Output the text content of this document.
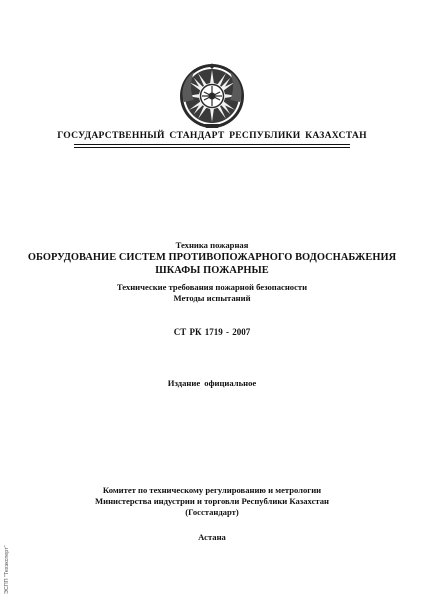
ГОСУДАРСТВЕННЫЙ СТАНДАРТ РЕСПУБЛИКИ КАЗАХСТАН
Техника пожарная
ОБОРУДОВАНИЕ СИСТЕМ ПРОТИВОПОЖАРНОГО ВОДОСНАБЖЕНИЯ
ШКАФЫ ПОЖАРНЫЕ
Технические требования пожарной безопасности
Методы испытаний
СТ РК 1719 - 2007
Издание официальное
Комитет по техническому регулированию и метрологии
Министерства индустрии и торговли Республики Казахстан
(Госстандарт)
Астана
ЭСПП "Техэксперт"
